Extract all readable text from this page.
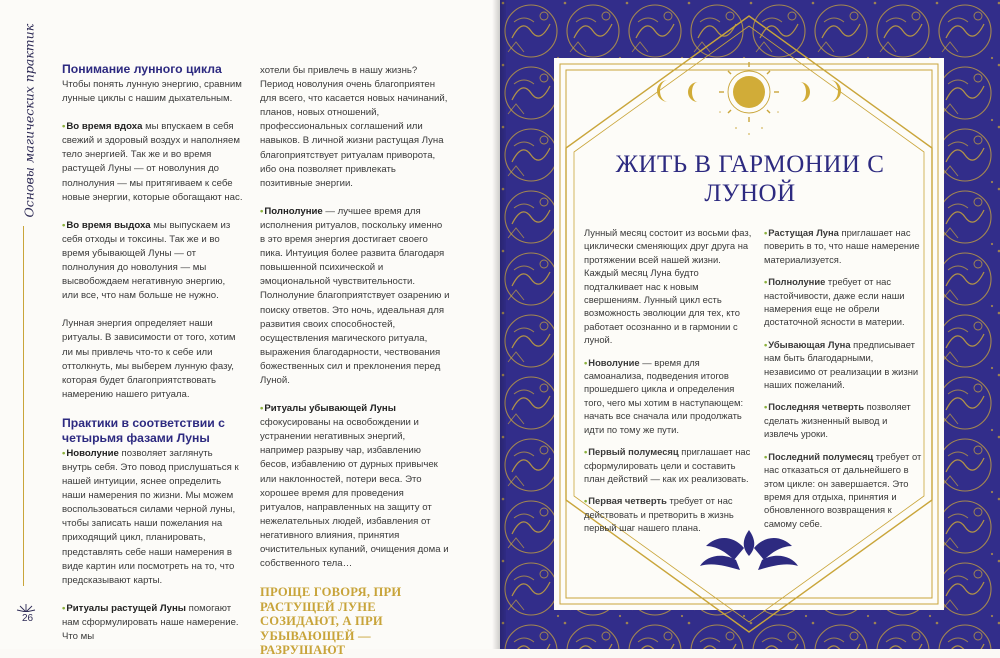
Основы магических практик
26
Понимание лунного цикла

Чтобы понять лунную энергию, сравним лунные циклы с нашим дыхательным.

•Во время вдоха мы впускаем в себя свежий и здоровый воздух и наполняем тело энергией. Так же и во время растущей Луны — от новолуния до полнолуния — мы притягиваем к себе новые энергии, которые обогащают нас.

•Во время выдоха мы выпускаем из себя отходы и токсины. Так же и во время убывающей Луны — от полнолуния до новолуния — мы высвобождаем негативную энергию, или все, что нам больше не нужно.

Лунная энергия определяет наши ритуалы. В зависимости от того, хотим ли мы привлечь что-то к себе или оттолкнуть, мы выберем лунную фазу, которая будет благоприятствовать намерению нашего ритуала.

Практики в соответствии с четырьмя фазами Луны

•Новолуние позволяет заглянуть внутрь себя. Это повод прислушаться к нашей интуиции, яснее определить наши намерения по жизни. Мы можем воспользоваться силами черной луны, чтобы записать наши пожелания на приходящий цикл, планировать, представлять себе наши намерения в виде картин или посмотреть на то, что предсказывают карты.

•Ритуалы растущей Луны помогают нам сформулировать наше намерение. Что мы

хотели бы привлечь в нашу жизнь? Период новолуния очень благоприятен для всего, что касается новых начинаний, планов, новых отношений, профессиональных соглашений или навыков. В личной жизни растущая Луна благоприятствует ритуалам приворота, ибо она позволяет привлекать позитивные энергии.

•Полнолуние — лучшее время для исполнения ритуалов, поскольку именно в это время энергия достигает своего пика. Интуиция более развита благодаря повышенной психической и эмоциональной чувствительности. Полнолуние благоприятствует озарению и поиску ответов. Это ночь, идеальная для развития своих способностей, осуществления магического ритуала, выражения благодарности, чествования божественных сил и преклонения перед Луной.

•Ритуалы убывающей Луны сфокусированы на освобождении и устранении негативных энергий, например разрыву чар, избавлению бесов, избавлению от дурных привычек или наклонностей, потери веса. Это хорошее время для проведения ритуалов, направленных на защиту от нежелательных людей, избавления от негативного влияния, принятия очистительных купаний, очищения дома и собственного тела…

ПРОЩЕ ГОВОРЯ, ПРИ РАСТУЩЕЙ ЛУНЕ СОЗИДАЮТ, А ПРИ УБЫВАЮЩЕЙ — РАЗРУШАЮТ
ЖИТЬ В ГАРМОНИИ С ЛУНОЙ

Лунный месяц состоит из восьми фаз, циклически сменяющих друг друга на протяжении всей нашей жизни. Каждый месяц Луна будто подталкивает нас к новым свершениям. Лунный цикл есть возможность эволюции для тех, кто работает осознанно и в гармонии с луной.

•Новолуние — время для самоанализа, подведения итогов прошедшего цикла и определения того, чего мы хотим в наступающем: начать все сначала или продолжать идти по тому же пути.

•Первый полумесяц приглашает нас сформулировать цели и составить план действий — как их реализовать.

•Первая четверть требует от нас действовать и претворить в жизнь первый шаг нашего плана.

•Растущая Луна приглашает нас поверить в то, что наше намерение материализуется.

•Полнолуние требует от нас настойчивости, даже если наши намерения еще не обрели достаточной ясности в материи.

•Убывающая Луна предписывает нам быть благодарными, независимо от реализации в жизни наших пожеланий.

•Последняя четверть позволяет сделать жизненный вывод и извлечь уроки.

•Последний полумесяц требует от нас отказаться от дальнейшего в этом цикле: он завершается. Это время для отдыха, принятия и обновленного возвращения к самому себе.
